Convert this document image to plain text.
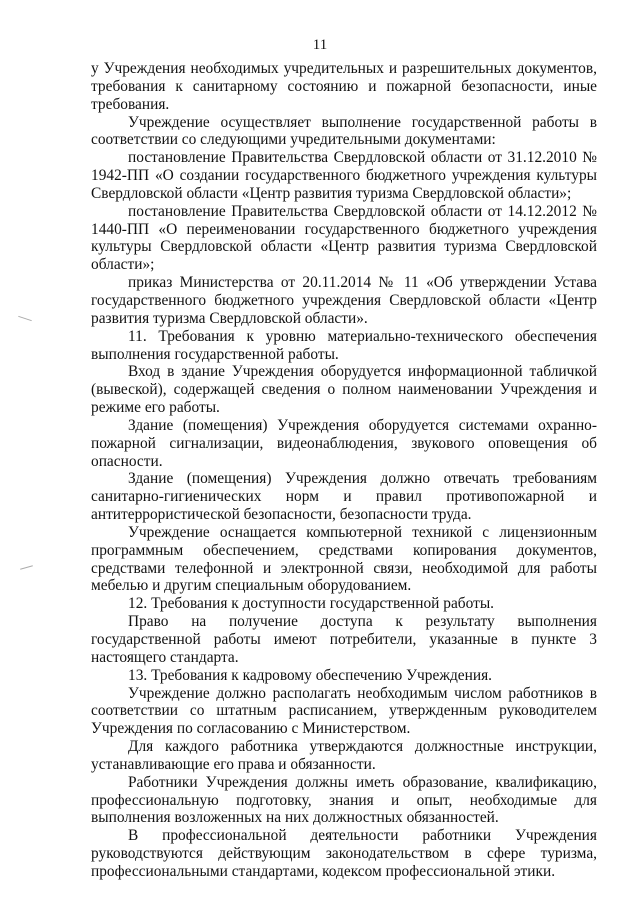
11

у Учреждения необходимых учредительных и разрешительных документов, требования к санитарному состоянию и пожарной безопасности, иные требования.

Учреждение осуществляет выполнение государственной работы в соответствии со следующими учредительными документами:

постановление Правительства Свердловской области от 31.12.2010 № 1942-ПП «О создании государственного бюджетного учреждения культуры Свердловской области «Центр развития туризма Свердловской области»;

постановление Правительства Свердловской области от 14.12.2012 № 1440-ПП «О переименовании государственного бюджетного учреждения культуры Свердловской области «Центр развития туризма Свердловской области»;

приказ Министерства от 20.11.2014 № 11 «Об утверждении Устава государственного бюджетного учреждения Свердловской области «Центр развития туризма Свердловской области».

11. Требования к уровню материально-технического обеспечения выполнения государственной работы.

Вход в здание Учреждения оборудуется информационной табличкой (вывеской), содержащей сведения о полном наименовании Учреждения и режиме его работы.

Здание (помещения) Учреждения оборудуется системами охранно-пожарной сигнализации, видеонаблюдения, звукового оповещения об опасности.

Здание (помещения) Учреждения должно отвечать требованиям санитарно-гигиенических норм и правил противопожарной и антитеррористической безопасности, безопасности труда.

Учреждение оснащается компьютерной техникой с лицензионным программным обеспечением, средствами копирования документов, средствами телефонной и электронной связи, необходимой для работы мебелью и другим специальным оборудованием.

12. Требования к доступности государственной работы.

Право на получение доступа к результату выполнения государственной работы имеют потребители, указанные в пункте 3 настоящего стандарта.

13. Требования к кадровому обеспечению Учреждения.

Учреждение должно располагать необходимым числом работников в соответствии со штатным расписанием, утвержденным руководителем Учреждения по согласованию с Министерством.

Для каждого работника утверждаются должностные инструкции, устанавливающие его права и обязанности.

Работники Учреждения должны иметь образование, квалификацию, профессиональную подготовку, знания и опыт, необходимые для выполнения возложенных на них должностных обязанностей.

В профессиональной деятельности работники Учреждения руководствуются действующим законодательством в сфере туризма, профессиональными стандартами, кодексом профессиональной этики.
